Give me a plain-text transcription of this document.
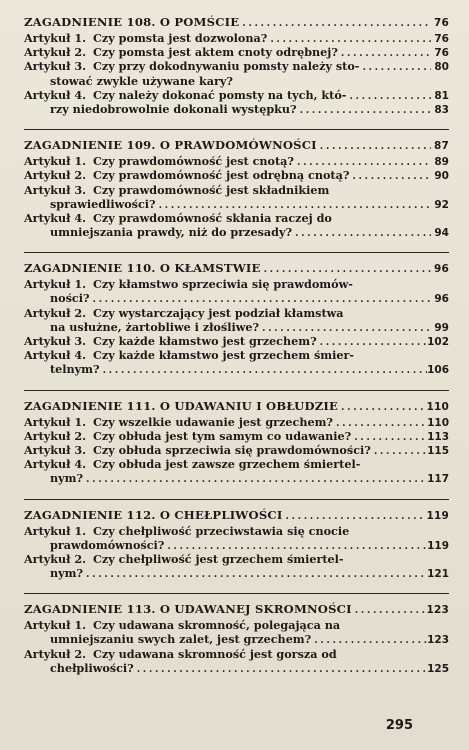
ZAGADNIENIE 108. O POMŚCIE .....	76
Artykuł 1. Czy pomsta jest dozwolona? .....	76
Artykuł 2. Czy pomsta jest aktem cnoty odrębnej? .....	76
Artykuł 3. Czy przy dokodnywaniu pomsty należy sto- .....	80
stować zwykle używane kary?
Artykuł 4. Czy należy dokonać pomsty na tych, któ- .....	81
rzy niedobrowolnie dokonali występku? .....	83
ZAGADNIENIE 109. O PRAWDOMÓWNOŚCI .....	87
Artykuł 1. Czy prawdomówność jest cnotą? .....	89
Artykuł 2. Czy prawdomówność jest odrębną cnotą? .....	90
Artykuł 3. Czy prawdomówność jest składnikiem
sprawiedliwości? .....	92
Artykuł 4. Czy prawdomówność skłania raczej do
umniejszania prawdy, niż do przesady? .....	94
ZAGADNIENIE 110. O KŁAMSTWIE .....	96
Artykuł 1. Czy kłamstwo sprzeciwia się prawdomów-
ności? .....	96
Artykuł 2. Czy wystarczający jest podział kłamstwa
na usłużne, żartobliwe i złośliwe? .....	99
Artykuł 3. Czy każde kłamstwo jest grzechem? .....	102
Artykuł 4. Czy każde kłamstwo jest grzechem śmier-
telnym? .....	106
ZAGADNIENIE 111. O UDAWANIU I OBŁUDZIE .....	110
Artykuł 1. Czy wszelkie udawanie jest grzechem? .....	110
Artykuł 2. Czy obłuda jest tym samym co udawanie? .....	113
Artykuł 3. Czy obłuda sprzeciwia się prawdomówności? .....	115
Artykuł 4. Czy obłuda jest zawsze grzechem śmiertel-
nym? .....	117
ZAGADNIENIE 112. O CHEŁPLIWOŚCI .....	119
Artykuł 1. Czy chełpliwość przeciwstawia się cnocie
prawdomówności? .....	119
Artykuł 2. Czy chełpliwość jest grzechem śmiertel-
nym? .....	121
ZAGADNIENIE 113. O UDAWANEJ SKROMNOŚCI .....	123
Artykuł 1. Czy udawana skromność, polegająca na
umniejszaniu swych zalet, jest grzechem? .....	123
Artykuł 2. Czy udawana skromność jest gorsza od
chełpliwości? .....	125
295
